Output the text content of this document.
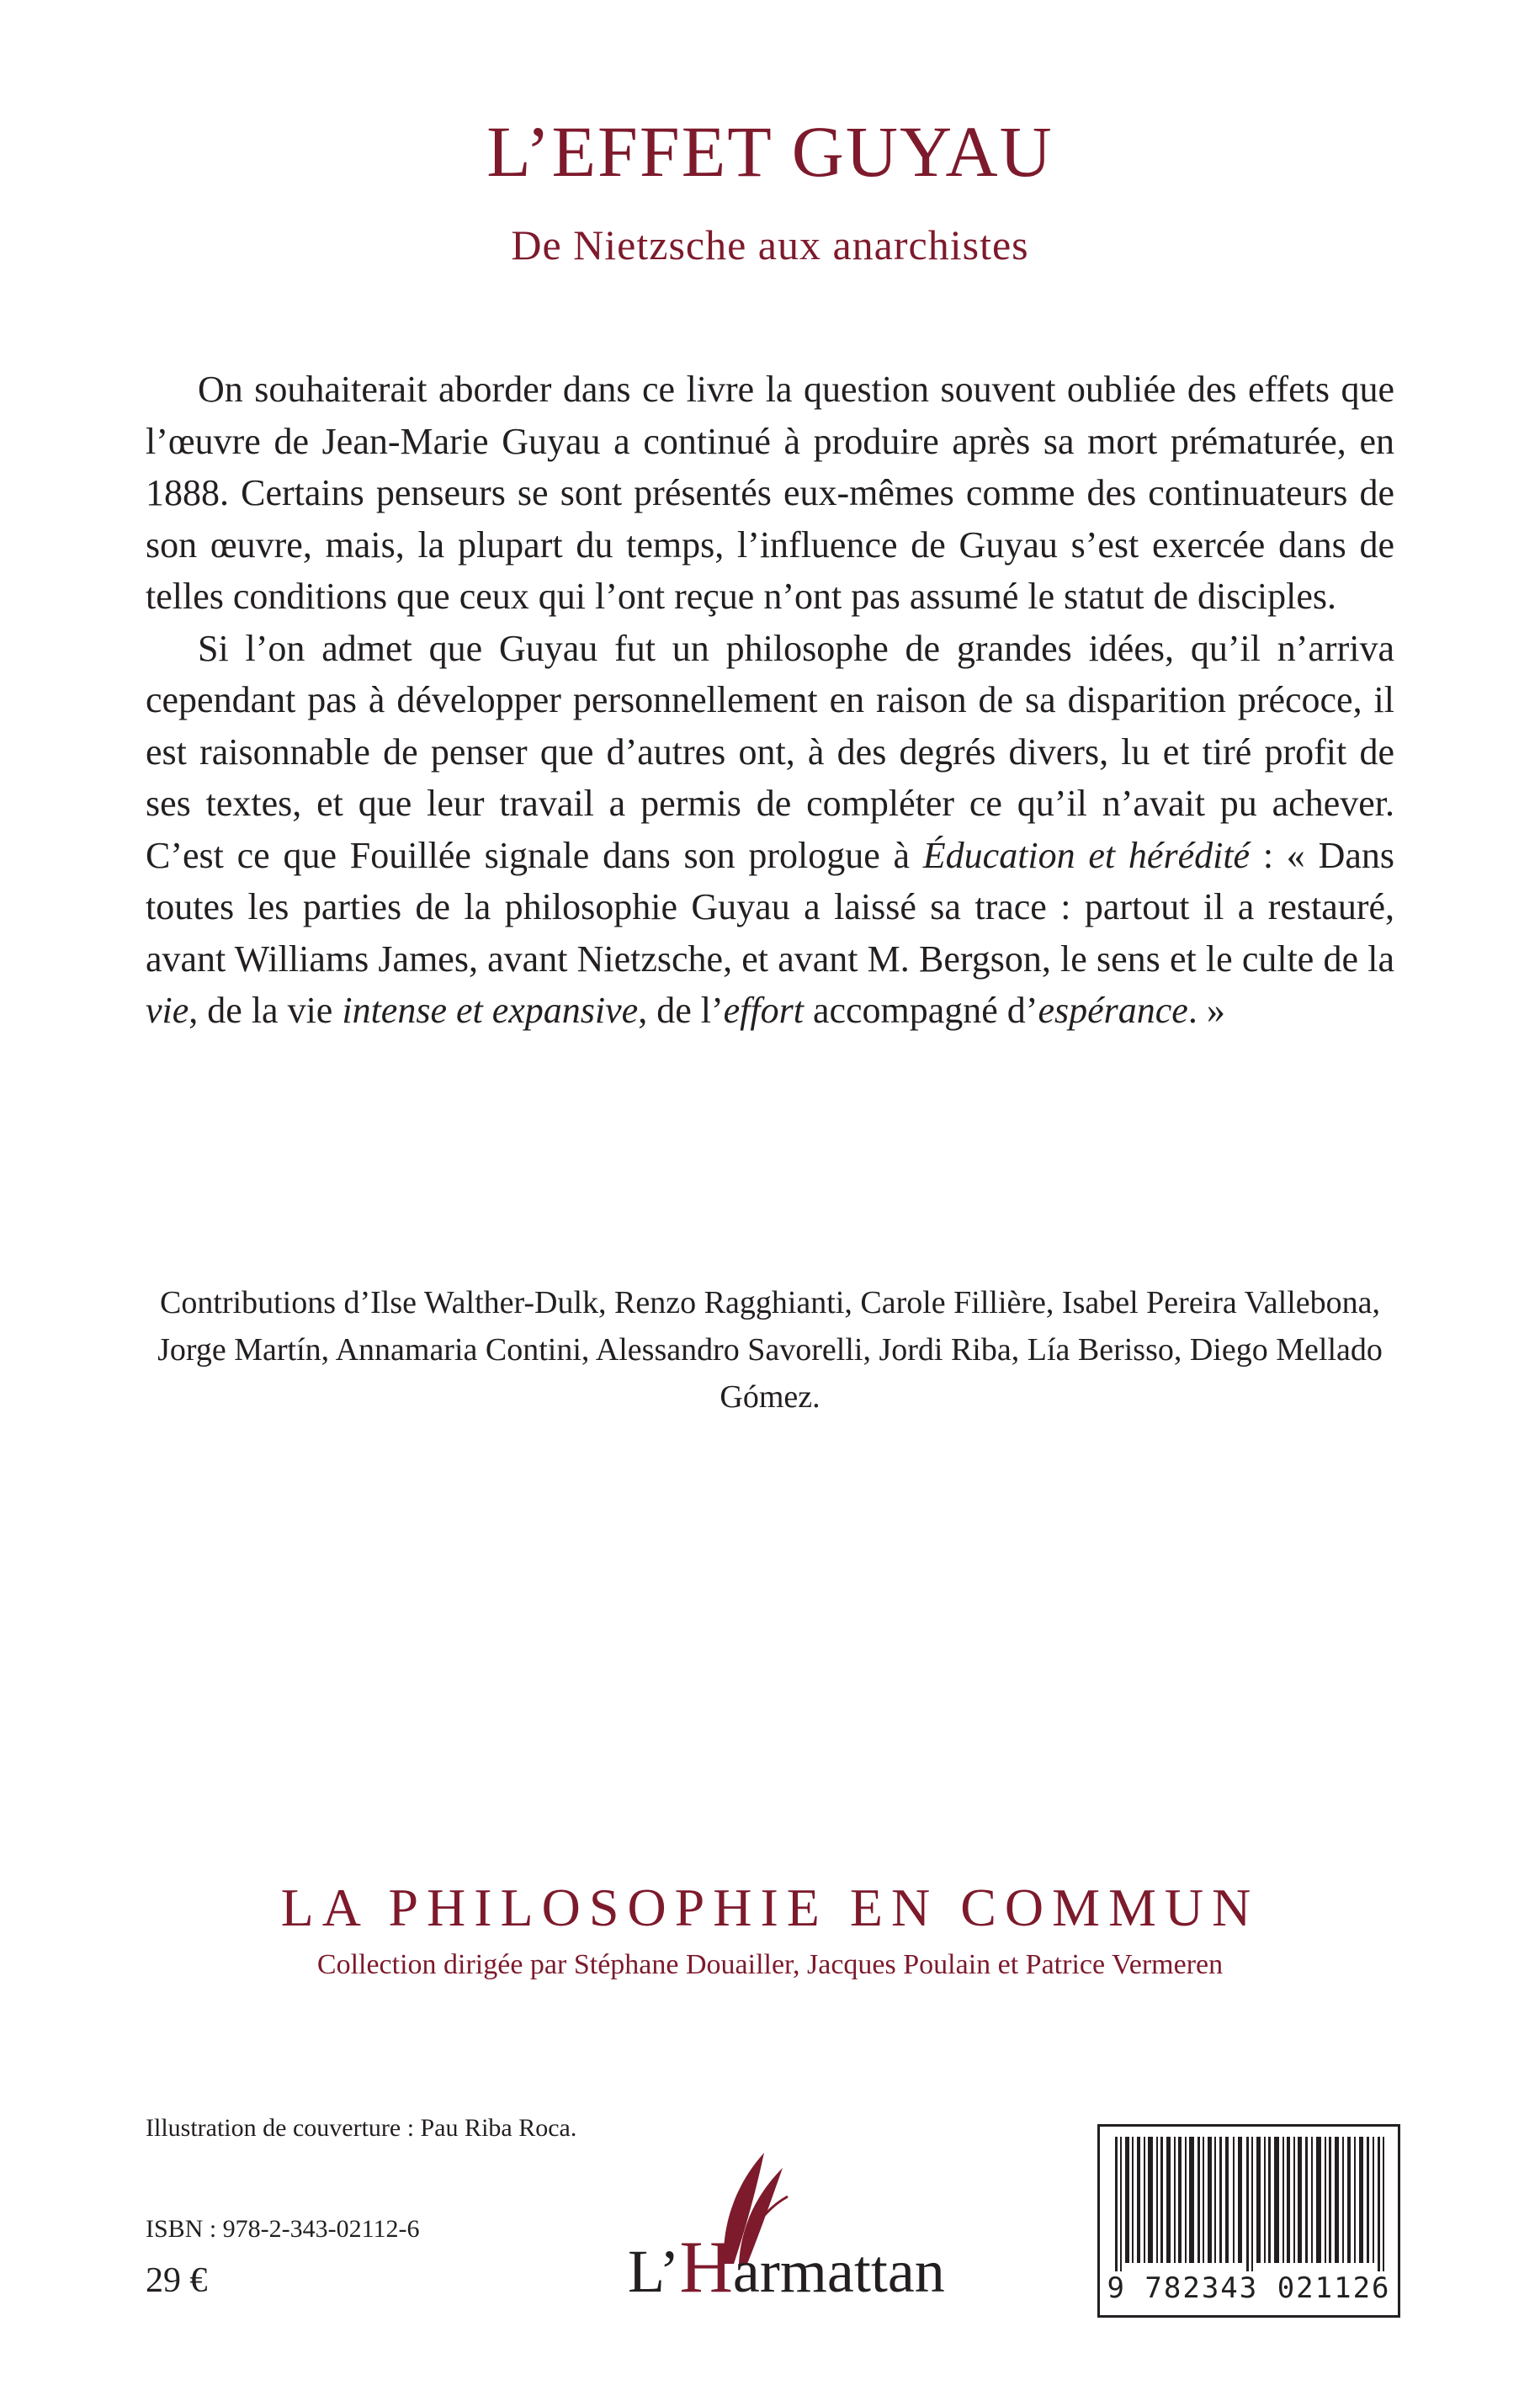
L’EFFET GUYAU
De Nietzsche aux anarchistes

On souhaiterait aborder dans ce livre la question souvent oubliée des effets que l’œuvre de Jean-Marie Guyau a continué à produire après sa mort prématurée, en 1888. Certains penseurs se sont présentés eux-mêmes comme des continuateurs de son œuvre, mais, la plupart du temps, l’influence de Guyau s’est exercée dans de telles conditions que ceux qui l’ont reçue n’ont pas assumé le statut de disciples.

Si l’on admet que Guyau fut un philosophe de grandes idées, qu’il n’arriva cependant pas à développer personnellement en raison de sa disparition précoce, il est raisonnable de penser que d’autres ont, à des degrés divers, lu et tiré profit de ses textes, et que leur travail a permis de compléter ce qu’il n’avait pu achever. C’est ce que Fouillée signale dans son prologue à Éducation et hérédité : « Dans toutes les parties de la philosophie Guyau a laissé sa trace : partout il a restauré, avant Williams James, avant Nietzsche, et avant M. Bergson, le sens et le culte de la vie, de la vie intense et expansive, de l’effort accompagné d’espérance. »

Contributions d’Ilse Walther-Dulk, Renzo Ragghianti, Carole Fillière, Isabel Pereira Vallebona, Jorge Martín, Annamaria Contini, Alessandro Savorelli, Jordi Riba, Lía Berisso, Diego Mellado Gómez.
LA PHILOSOPHIE EN COMMUN
Collection dirigée par Stéphane Douailler, Jacques Poulain et Patrice Vermeren
Illustration de couverture : Pau Riba Roca.
ISBN : 978-2-343-02112-6
29 €	L’Harmattan	9 782343 021126
